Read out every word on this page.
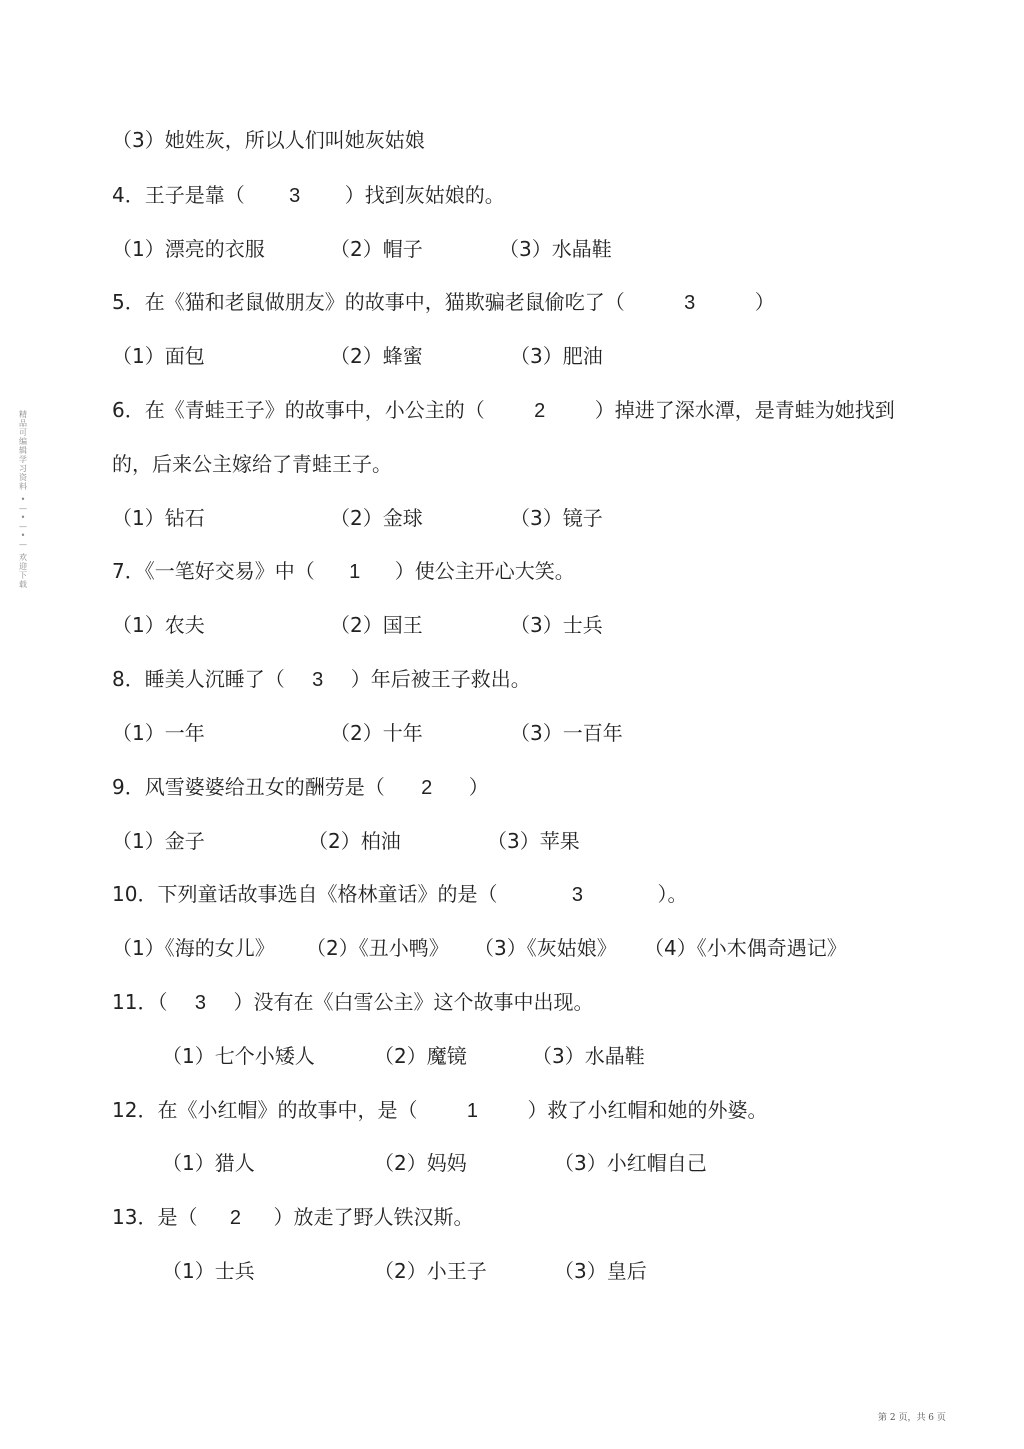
精品可编辑学习资料
• — • — • —
欢迎下载
（3）她姓灰，所以人们叫她灰姑娘
4．王子是靠（ 3 ）找到灰姑娘的。
（1）漂亮的衣服	（2）帽子	（3）水晶鞋
5．在《猫和老鼠做朋友》的故事中，猫欺骗老鼠偷吃了（	3	）
（1）面包	（2）蜂蜜	（3）肥油
6．在《青蛙王子》的故事中，小公主的（ 2 ）掉进了深水潭，是青蛙为她找到
的，后来公主嫁给了青蛙王子。
（1）钻石	（2）金球	（3）镜子
7．《一笔好交易》中（ 1 ）使公主开心大笑。
（1）农夫	（2）国王	（3）士兵
8．睡美人沉睡了（ 3 ）年后被王子救出。
（1）一年	（2）十年	（3）一百年
9．风雪婆婆给丑女的酬劳是（ 2 ）
（1）金子	（2）柏油	（3）苹果
10．下列童话故事选自《格林童话》的是（	3	）。
（1）《海的女儿》 （2）《丑小鸭》 （3）《灰姑娘》 （4）《小木偶奇遇记》
11．（ 3 ）没有在《白雪公主》这个故事中出现。
（1）七个小矮人	（2）魔镜	（3）水晶鞋
12．在《小红帽》的故事中，是（ 1 ）救了小红帽和她的外婆。
（1）猎人	（2）妈妈	（3）小红帽自己
13．是（ 2 ）放走了野人铁汉斯。
（1）士兵	（2）小王子	（3）皇后
第 2 页，共 6 页
